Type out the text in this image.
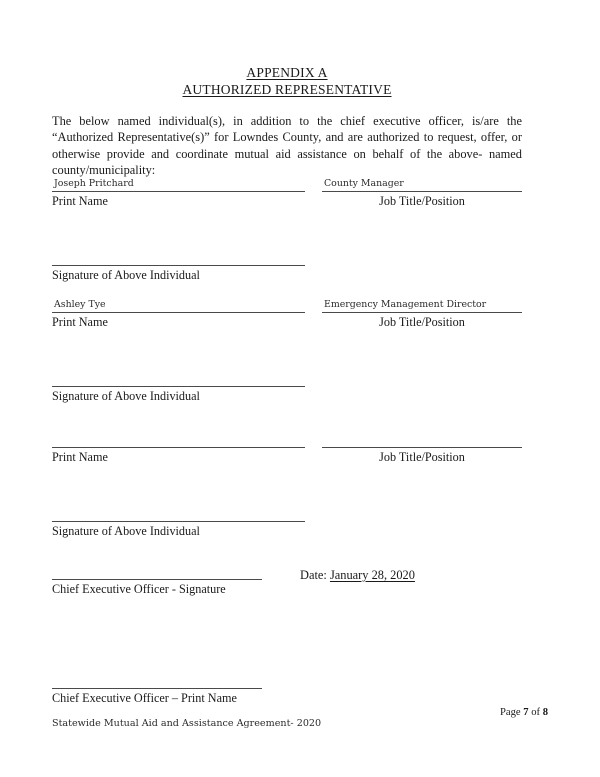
APPENDIX A
AUTHORIZED REPRESENTATIVE

The below named individual(s), in addition to the chief executive officer, is/are the “Authorized Representative(s)” for Lowndes County, and are authorized to request, offer, or otherwise provide and coordinate mutual aid assistance on behalf of the above- named county/municipality:

Joseph Pritchard
Print Name
County Manager
Job Title/Position
Signature of Above Individual
Ashley Tye
Print Name
Emergency Management Director
Job Title/Position
Signature of Above Individual
Print Name	Job Title/Position
Signature of Above Individual
Date: January 28, 2020
Chief Executive Officer - Signature
Chief Executive Officer – Print Name
Statewide Mutual Aid and Assistance Agreement- 2020
Page 7 of 8
